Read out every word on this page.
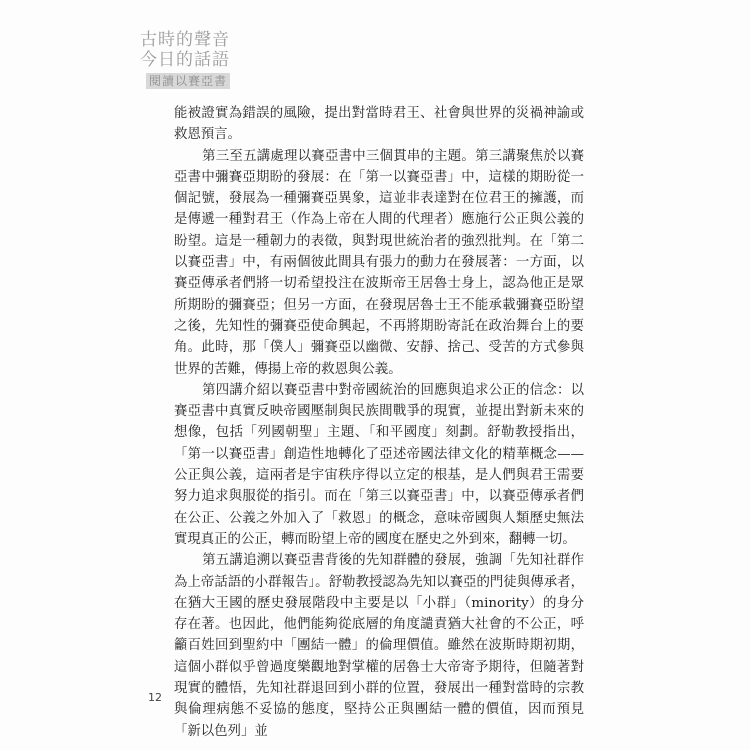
古時的聲音
今日的話語
閱讀以賽亞書

能被證實為錯誤的風險，提出對當時君王、社會與世界的災禍神諭或救恩預言。

第三至五講處理以賽亞書中三個貫串的主題。第三講聚焦於以賽亞書中彌賽亞期盼的發展：在「第一以賽亞書」中，這樣的期盼從一個記號，發展為一種彌賽亞異象，這並非表達對在位君王的擁護，而是傳遞一種對君王（作為上帝在人間的代理者）應施行公正與公義的盼望。這是一種韌力的表徵，與對現世統治者的強烈批判。在「第二以賽亞書」中，有兩個彼此間具有張力的動力在發展著：一方面，以賽亞傳承者們將一切希望投注在波斯帝王居魯士身上，認為他正是眾所期盼的彌賽亞；但另一方面，在發現居魯士王不能承載彌賽亞盼望之後，先知性的彌賽亞使命興起，不再將期盼寄託在政治舞台上的要角。此時，那「僕人」彌賽亞以幽微、安靜、捨己、受苦的方式參與世界的苦難，傳揚上帝的救恩與公義。

第四講介紹以賽亞書中對帝國統治的回應與追求公正的信念：以賽亞書中真實反映帝國壓制與民族間戰爭的現實，並提出對新未來的想像，包括「列國朝聖」主題、「和平國度」刻劃。舒勒教授指出，「第一以賽亞書」創造性地轉化了亞述帝國法律文化的精華概念——公正與公義，這兩者是宇宙秩序得以立定的根基，是人們與君王需要努力追求與服從的指引。而在「第三以賽亞書」中，以賽亞傳承者們在公正、公義之外加入了「救恩」的概念，意味帝國與人類歷史無法實現真正的公正，轉而盼望上帝的國度在歷史之外到來，翻轉一切。

第五講追溯以賽亞書背後的先知群體的發展，強調「先知社群作為上帝話語的小群報告」。舒勒教授認為先知以賽亞的門徒與傳承者，在猶大王國的歷史發展階段中主要是以「小群」（minority）的身分存在著。也因此，他們能夠從底層的角度譴責猶大社會的不公正，呼籲百姓回到聖約中「團結一體」的倫理價值。雖然在波斯時期初期，這個小群似乎曾過度樂觀地對掌權的居魯士大帝寄予期待，但隨著對現實的體悟，先知社群退回到小群的位置，發展出一種對當時的宗教與倫理病態不妥協的態度，堅持公正與團結一體的價值，因而預見「新以色列」並

12
